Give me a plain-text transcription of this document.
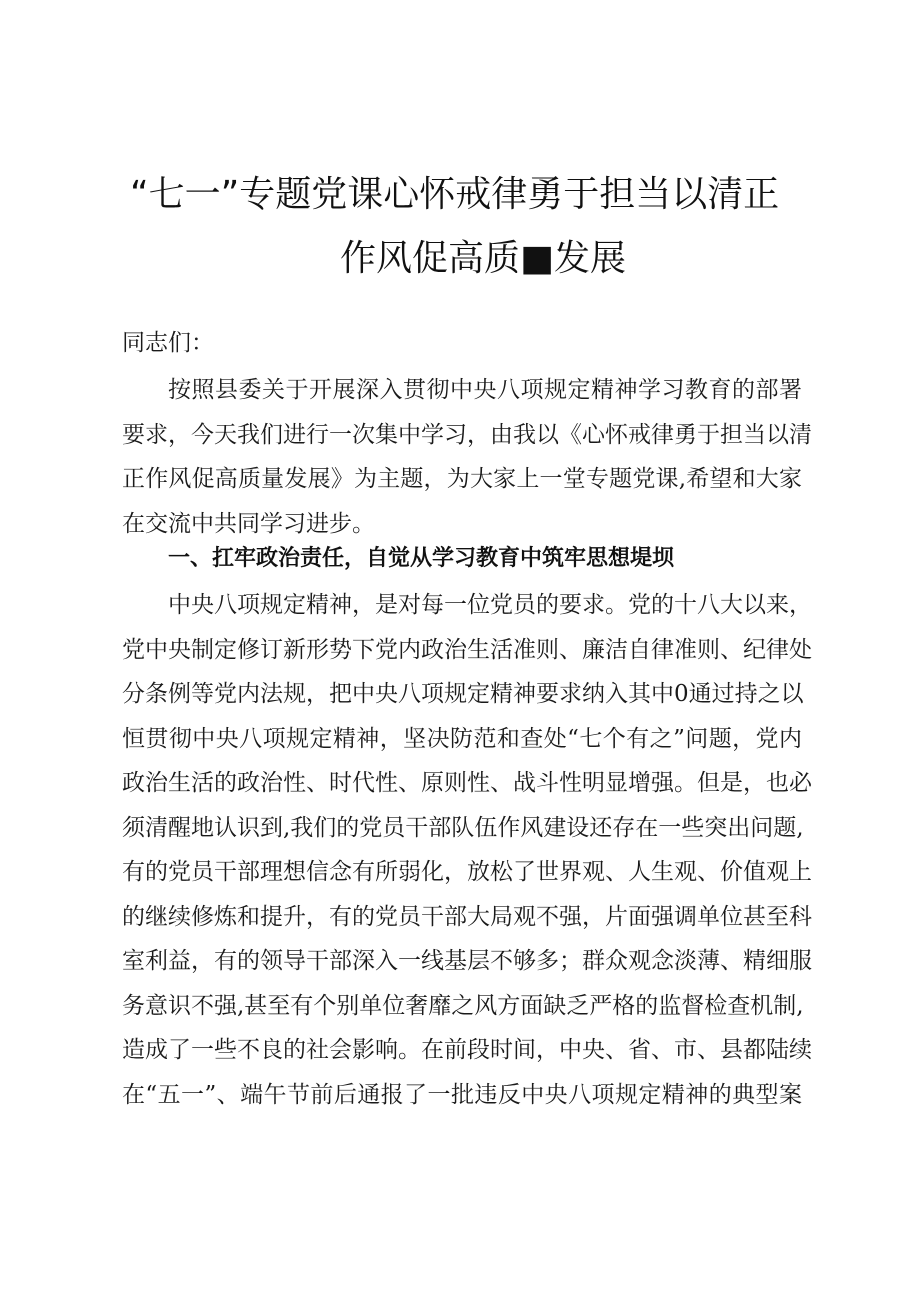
“七一”专题党课心怀戒律勇于担当以清正
作风促高质■发展
同志们：
按照县委关于开展深入贯彻中央八项规定精神学习教育的部署
要求，今天我们进行一次集中学习，由我以《心怀戒律勇于担当以清
正作风促高质量发展》为主题，为大家上一堂专题党课,希望和大家
在交流中共同学习进步。
一、扛牢政治责任，自觉从学习教育中筑牢思想堤坝
中央八项规定精神，是对每一位党员的要求。党的十八大以来，
党中央制定修订新形势下党内政治生活准则、廉洁自律准则、纪律处
分条例等党内法规，把中央八项规定精神要求纳入其中0通过持之以
恒贯彻中央八项规定精神，坚决防范和查处“七个有之”问题，党内
政治生活的政治性、时代性、原则性、战斗性明显增强。但是，也必
须清醒地认识到,我们的党员干部队伍作风建设还存在一些突出问题,
有的党员干部理想信念有所弱化，放松了世界观、人生观、价值观上
的继续修炼和提升，有的党员干部大局观不强，片面强调单位甚至科
室利益，有的领导干部深入一线基层不够多；群众观念淡薄、精细服
务意识不强,甚至有个别单位奢靡之风方面缺乏严格的监督检查机制,
造成了一些不良的社会影响。在前段时间，中央、省、市、县都陆续
在“五一”、端午节前后通报了一批违反中央八项规定精神的典型案
